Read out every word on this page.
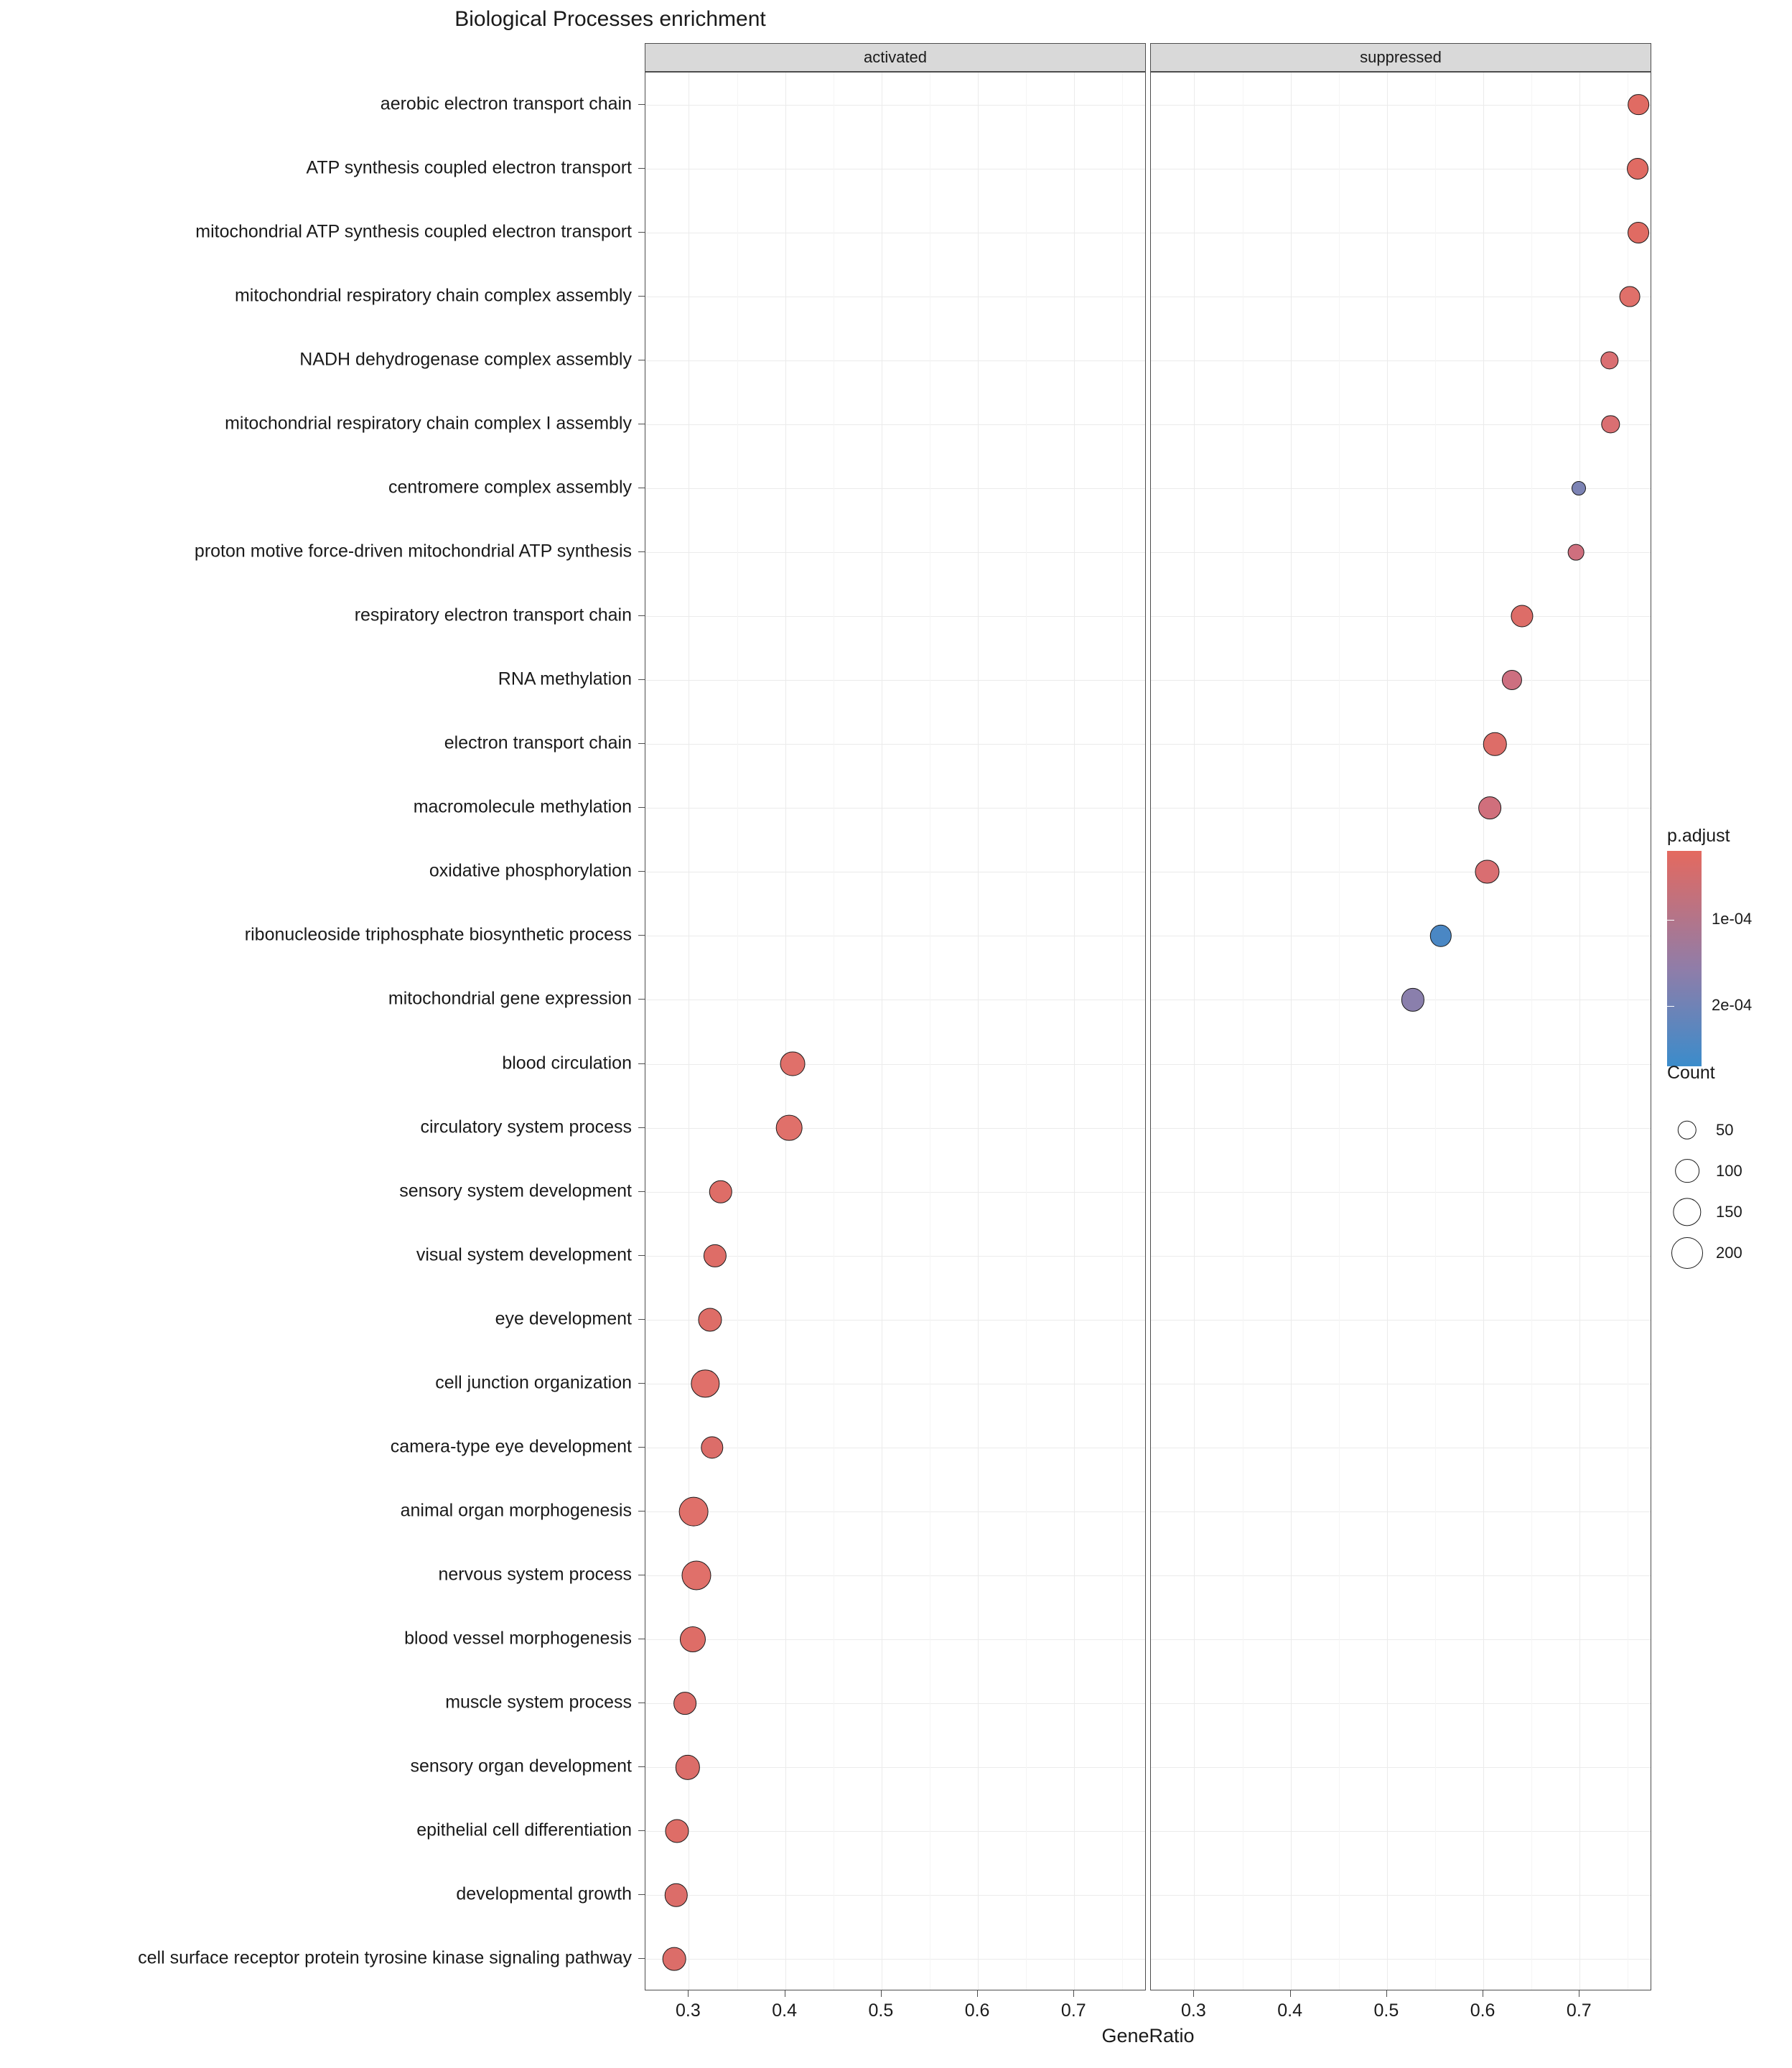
Biological Processes enrichment
activated	suppressed
aerobic electron transport chain
ATP synthesis coupled electron transport
mitochondrial ATP synthesis coupled electron transport
mitochondrial respiratory chain complex assembly
NADH dehydrogenase complex assembly
mitochondrial respiratory chain complex I assembly
centromere complex assembly
proton motive force-driven mitochondrial ATP synthesis
respiratory electron transport chain
RNA methylation
electron transport chain
macromolecule methylation
oxidative phosphorylation
ribonucleoside triphosphate biosynthetic process
mitochondrial gene expression
blood circulation
circulatory system process
sensory system development
visual system development
eye development
cell junction organization
camera-type eye development
animal organ morphogenesis
nervous system process
blood vessel morphogenesis
muscle system process
sensory organ development
epithelial cell differentiation
developmental growth
cell surface receptor protein tyrosine kinase signaling pathway
0.3	0.4	0.5	0.6	0.7	0.3	0.4	0.5	0.6	0.7
GeneRatio
p.adjust
1e-04
2e-04
Count
50
100
150
200
